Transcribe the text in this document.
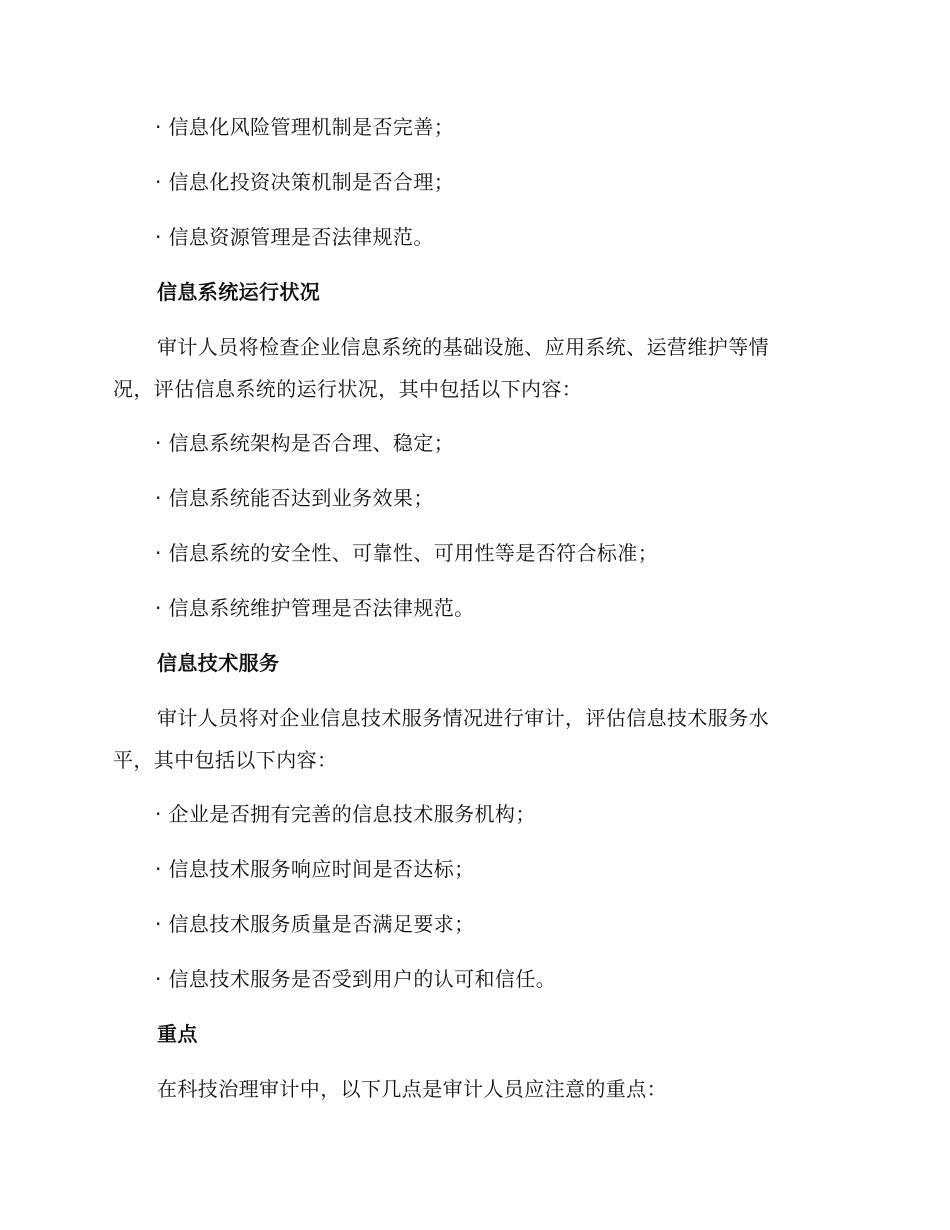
· 信息化风险管理机制是否完善；
· 信息化投资决策机制是否合理；
· 信息资源管理是否法律规范。
信息系统运行状况
审计人员将检查企业信息系统的基础设施、应用系统、运营维护等情
况，评估信息系统的运行状况，其中包括以下内容：
· 信息系统架构是否合理、稳定；
· 信息系统能否达到业务效果；
· 信息系统的安全性、可靠性、可用性等是否符合标准；
· 信息系统维护管理是否法律规范。
信息技术服务
审计人员将对企业信息技术服务情况进行审计，评估信息技术服务水
平，其中包括以下内容：
· 企业是否拥有完善的信息技术服务机构；
· 信息技术服务响应时间是否达标；
· 信息技术服务质量是否满足要求；
· 信息技术服务是否受到用户的认可和信任。
重点
在科技治理审计中，以下几点是审计人员应注意的重点：
